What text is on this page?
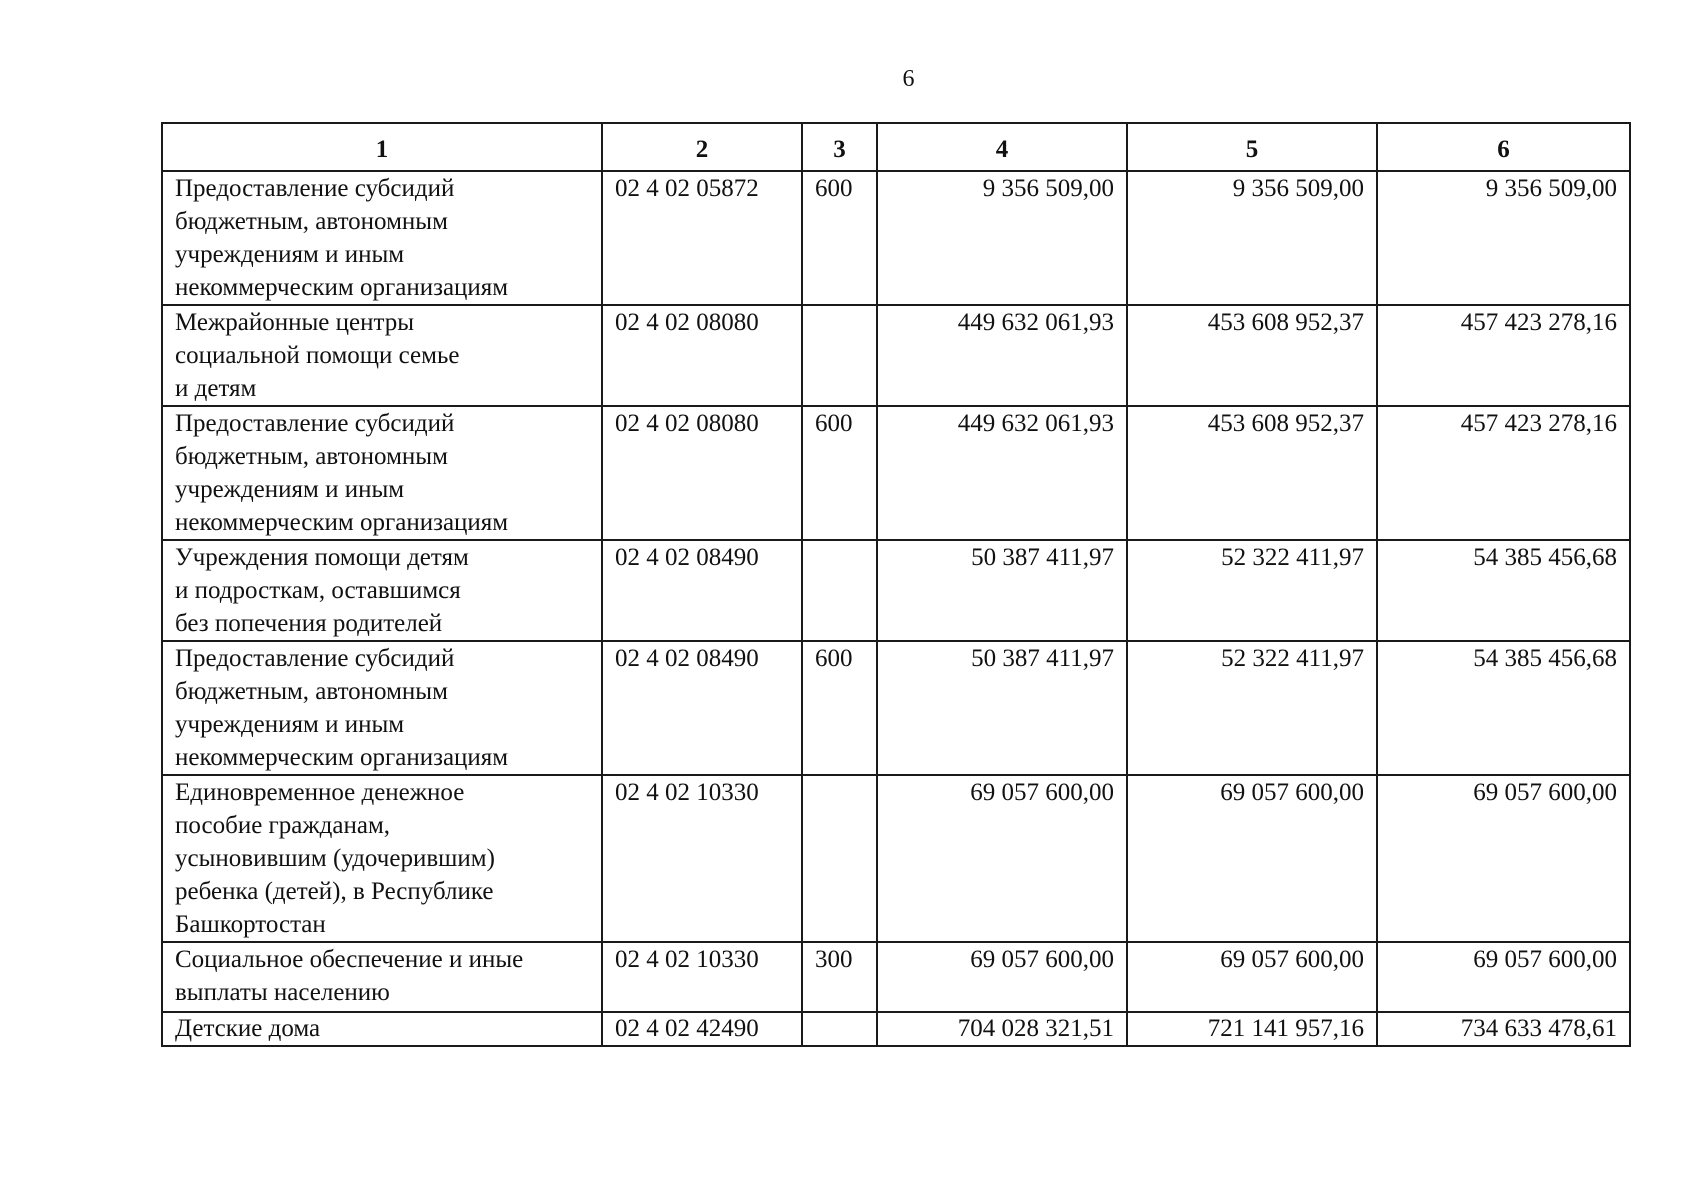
6
1	2	3	4	5	6
Предоставление субсидий
бюджетным, автономным
учреждениям и иным
некоммерческим организациям	02 4 02 05872	600	9 356 509,00	9 356 509,00	9 356 509,00
Межрайонные центры
социальной помощи семье
и детям	02 4 02 08080		449 632 061,93	453 608 952,37	457 423 278,16
Предоставление субсидий
бюджетным, автономным
учреждениям и иным
некоммерческим организациям	02 4 02 08080	600	449 632 061,93	453 608 952,37	457 423 278,16
Учреждения помощи детям
и подросткам, оставшимся
без попечения родителей	02 4 02 08490		50 387 411,97	52 322 411,97	54 385 456,68
Предоставление субсидий
бюджетным, автономным
учреждениям и иным
некоммерческим организациям	02 4 02 08490	600	50 387 411,97	52 322 411,97	54 385 456,68
Единовременное денежное
пособие гражданам,
усыновившим (удочерившим)
ребенка (детей), в Республике
Башкортостан	02 4 02 10330		69 057 600,00	69 057 600,00	69 057 600,00
Социальное обеспечение и иные
выплаты населению	02 4 02 10330	300	69 057 600,00	69 057 600,00	69 057 600,00
Детские дома	02 4 02 42490		704 028 321,51	721 141 957,16	734 633 478,61
